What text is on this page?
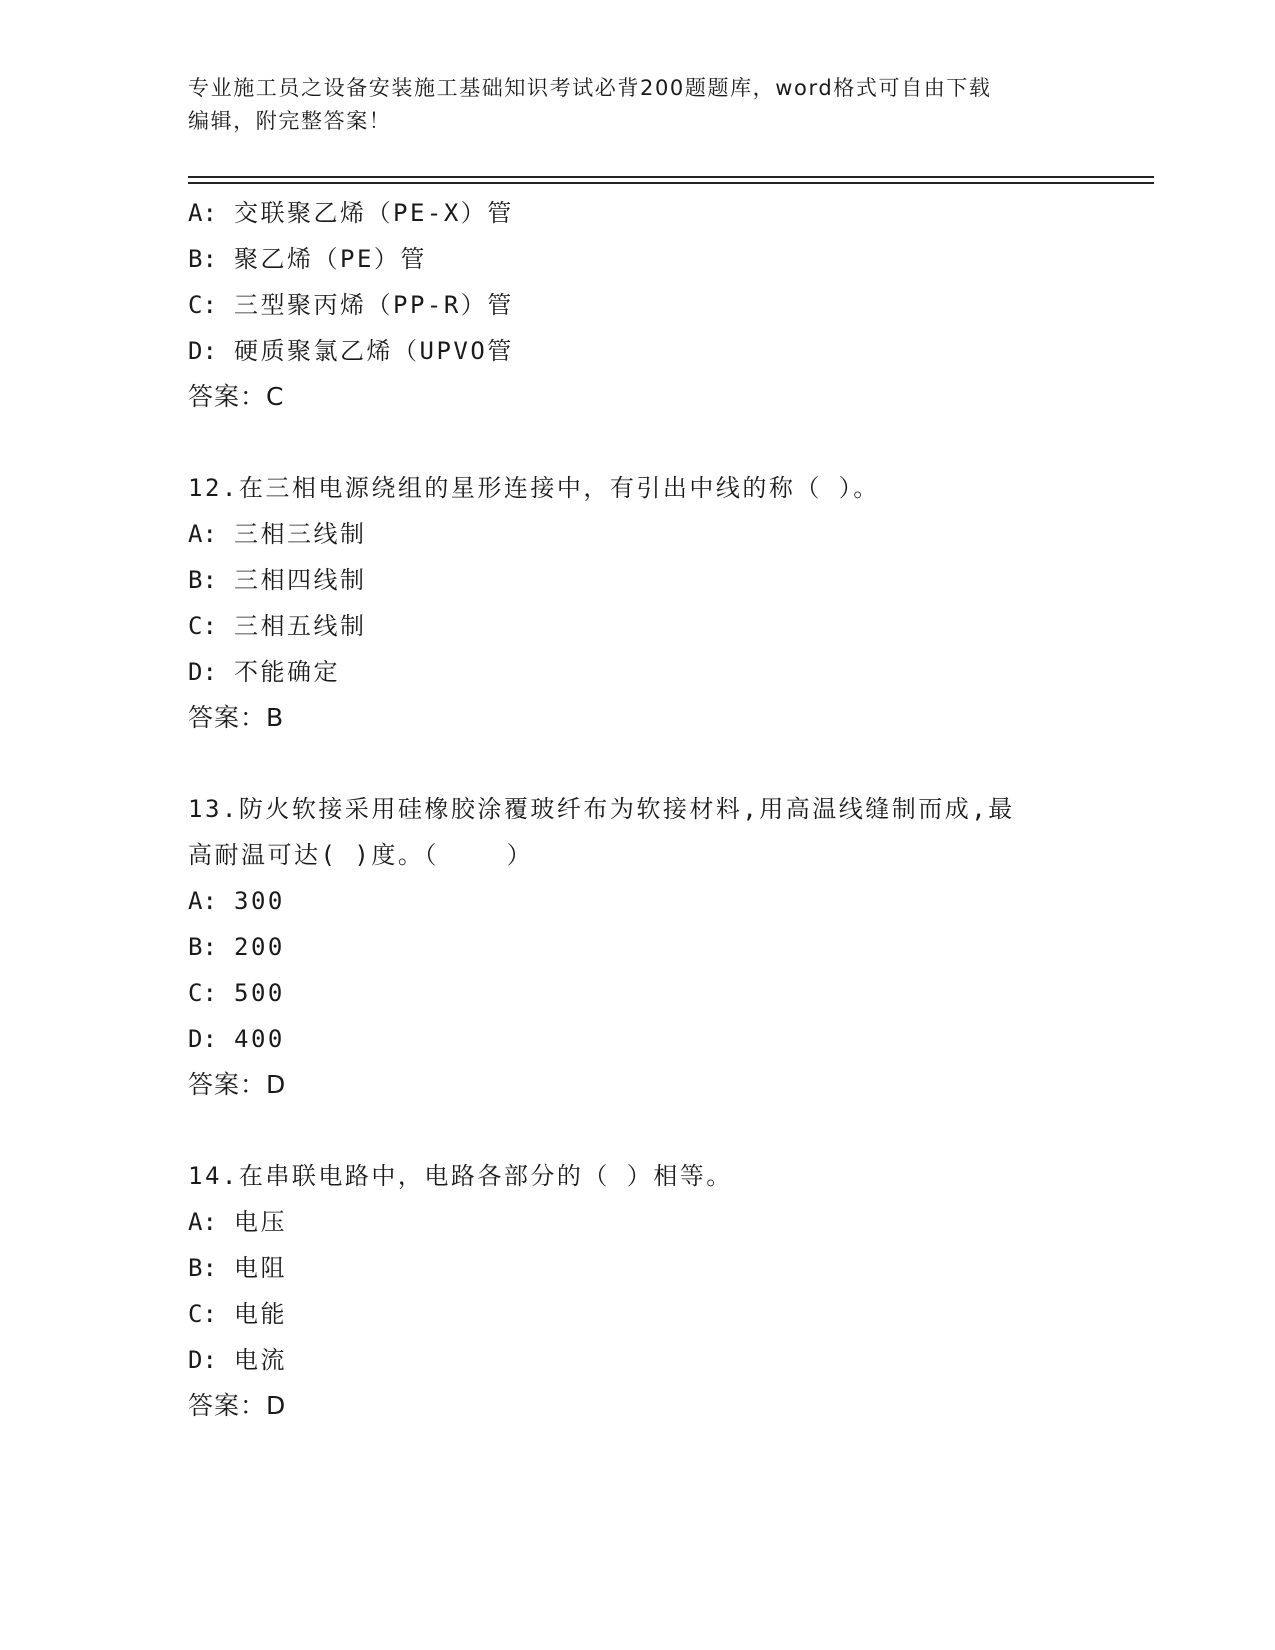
专业施工员之设备安装施工基础知识考试必背200题题库，word格式可自由下载
编辑，附完整答案！
A: 交联聚乙烯（PE-X）管
B: 聚乙烯（PE）管
C: 三型聚丙烯（PP-R）管
D: 硬质聚氯乙烯（UPVO管
答案：C
12.在三相电源绕组的星形连接中，有引出中线的称（ ）。
A: 三相三线制
B: 三相四线制
C: 三相五线制
D: 不能确定
答案：B
13.防火软接采用硅橡胶涂覆玻纤布为软接材料,用高温线缝制而成,最
高耐温可达( )度。（    ）
A: 300
B: 200
C: 500
D: 400
答案：D
14.在串联电路中，电路各部分的（ ）相等。
A: 电压
B: 电阻
C: 电能
D: 电流
答案：D
